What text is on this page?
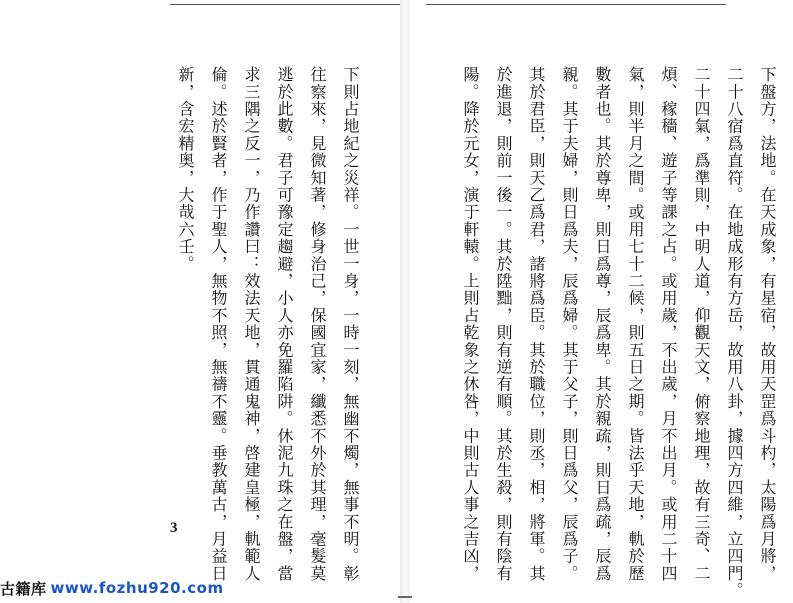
下則占地紀之災祥。一世一身，一時一刻，無幽不燭，無事不明。彰
往察來，見微知著，修身治己，保國宜家，纖悉不外於其理，毫髮莫
逃於此數。君子可豫定趨避，小人亦免羅陷阱。休泥九珠之在盤，當
求三隅之反一，乃作讚曰：效法天地，貫通鬼神，啓建皇極，軌範人
倫。述於賢者，作于聖人，無物不照，無禱不靈。垂教萬古，月益日
新，含宏精奥，大哉六壬。
3	下盤方，法地。在天成象，有星宿，故用天罡爲斗杓，太陽爲月將，
二十八宿爲直符。在地成形有方岳，故用八卦，據四方四維，立四門。
二十四氣，爲準則，中明人道，仰觀天文，俯察地理，故有三奇、二
煩、稼穡、遊子等課之占。或用歲，不出歲，月不出月。或用二十四
氣，則半月之間。或用七十二候，則五日之期。皆法乎天地，軌於歷
數者也。其於尊卑，則日爲尊，辰爲卑。其於親疏，則日爲疏，辰爲
親。其于夫婦，則日爲夫，辰爲婦。其于父子，則日爲父，辰爲子。
其於君臣，則天乙爲君，諸將爲臣。其於職位，則丞，相，將軍。其
於進退，則前一後一。其於陞黜，則有逆有順。其於生殺，則有陰有
陽。降於元女，演于軒轅。上則占乾象之休咎，中則古人事之吉凶，
古籍库 www.fozhu920.com
